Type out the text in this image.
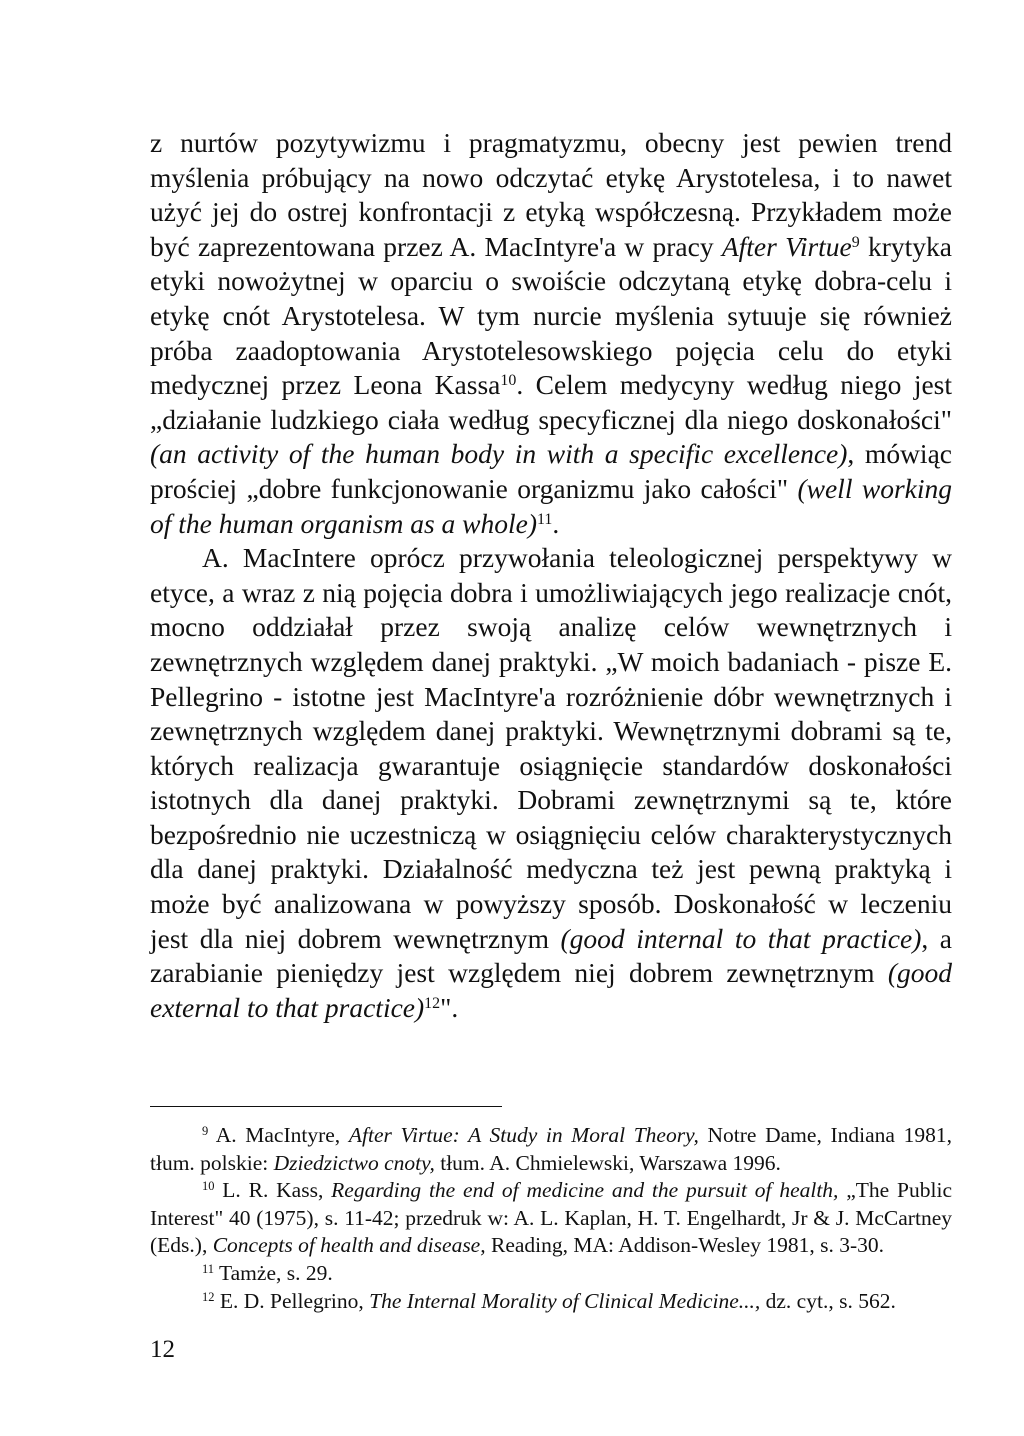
z nurtów pozytywizmu i pragmatyzmu, obecny jest pewien trend myślenia próbujący na nowo odczytać etykę Arystotelesa, i to nawet użyć jej do ostrej konfrontacji z etyką współczesną. Przykładem może być zaprezentowana przez A. MacIntyre'a w pracy After Virtue$^9$ krytyka etyki nowożytnej w oparciu o swoiście odczytaną etykę dobra-celu i etykę cnót Arystotelesa. W tym nurcie myślenia sytuuje się również próba zaadoptowania Arystotelesowskiego pojęcia celu do etyki medycznej przez Leona Kassa$^{10}$. Celem medycyny według niego jest „działanie ludzkiego ciała według specyficznej dla niego doskonałości" (an activity of the human body in with a specific excellence), mówiąc prościej „dobre funkcjonowanie organizmu jako całości" (well working of the human organism as a whole)$^{11}$.

A. MacIntere oprócz przywołania teleologicznej perspektywy w etyce, a wraz z nią pojęcia dobra i umożliwiających jego realizacje cnót, mocno oddziałał przez swoją analizę celów wewnętrznych i zewnętrznych względem danej praktyki. „W moich badaniach - pisze E. Pellegrino - istotne jest MacIntyre'a rozróżnienie dóbr wewnętrznych i zewnętrznych względem danej praktyki. Wewnętrznymi dobrami są te, których realizacja gwarantuje osiągnięcie standardów doskonałości istotnych dla danej praktyki. Dobrami zewnętrznymi są te, które bezpośrednio nie uczestniczą w osiągnięciu celów charakterystycznych dla danej praktyki. Działalność medyczna też jest pewną praktyką i może być analizowana w powyższy sposób. Doskonałość w leczeniu jest dla niej dobrem wewnętrznym (good internal to that practice), a zarabianie pieniędzy jest względem niej dobrem zewnętrznym (good external to that practice)$^{12}$".

$^9$ A. MacIntyre, After Virtue: A Study in Moral Theory, Notre Dame, Indiana 1981, tłum. polskie: Dziedzictwo cnoty, tłum. A. Chmielewski, Warszawa 1996.

$^{10}$ L. R. Kass, Regarding the end of medicine and the pursuit of health, „The Public Interest" 40 (1975), s. 11-42; przedruk w: A. L. Kaplan, H. T. Engelhardt, Jr & J. McCartney (Eds.), Concepts of health and disease, Reading, MA: Addison-Wesley 1981, s. 3-30.

$^{11}$ Tamże, s. 29.

$^{12}$ E. D. Pellegrino, The Internal Morality of Clinical Medicine..., dz. cyt., s. 562.

12
